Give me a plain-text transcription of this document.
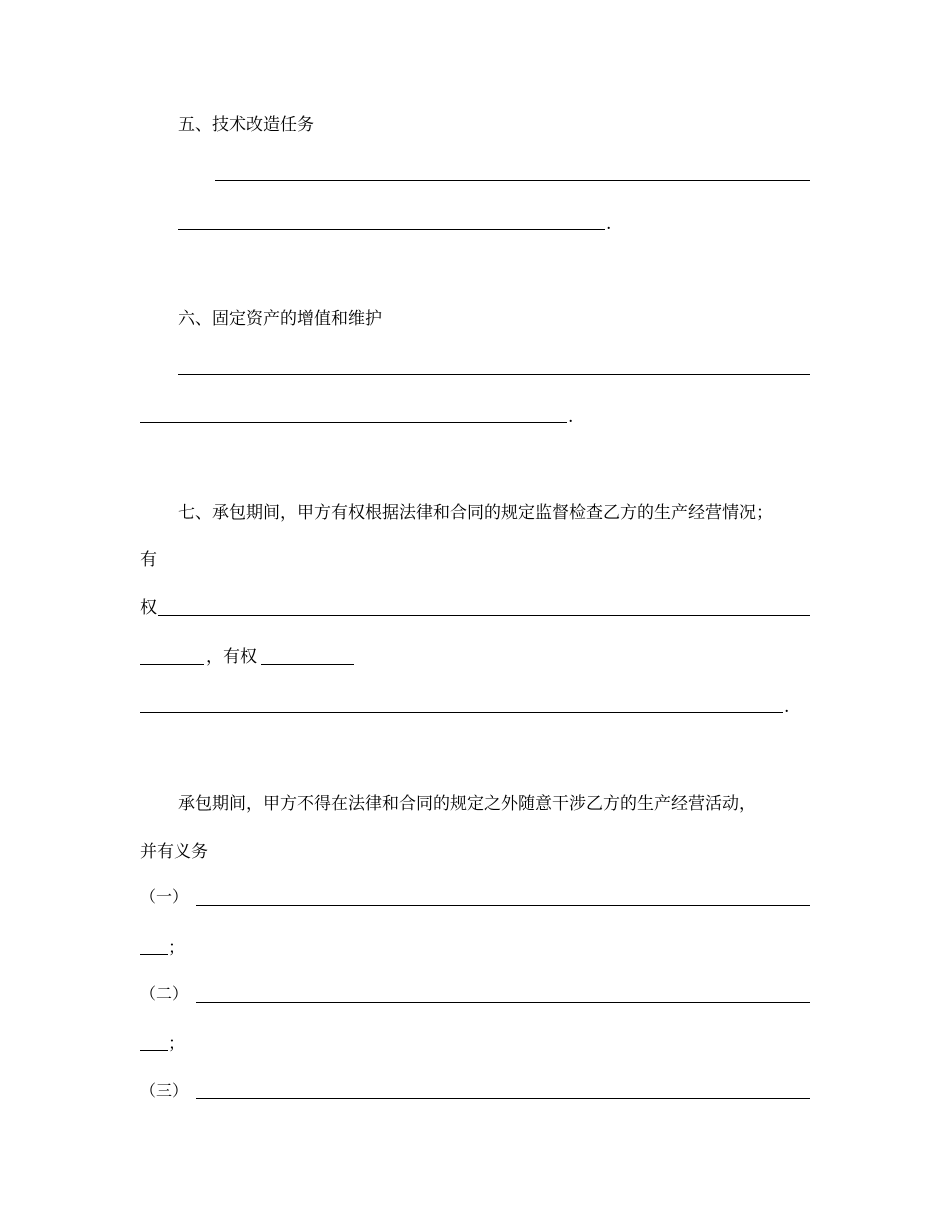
五、技术改造任务
.
六、固定资产的增值和维护
.
七、承包期间，甲方有权根据法律和合同的规定监督检查乙方的生产经营情况；
有
权
，有权
.
承包期间，甲方不得在法律和合同的规定之外随意干涉乙方的生产经营活动，
并有义务
（一）
；
（二）
；
（三）
